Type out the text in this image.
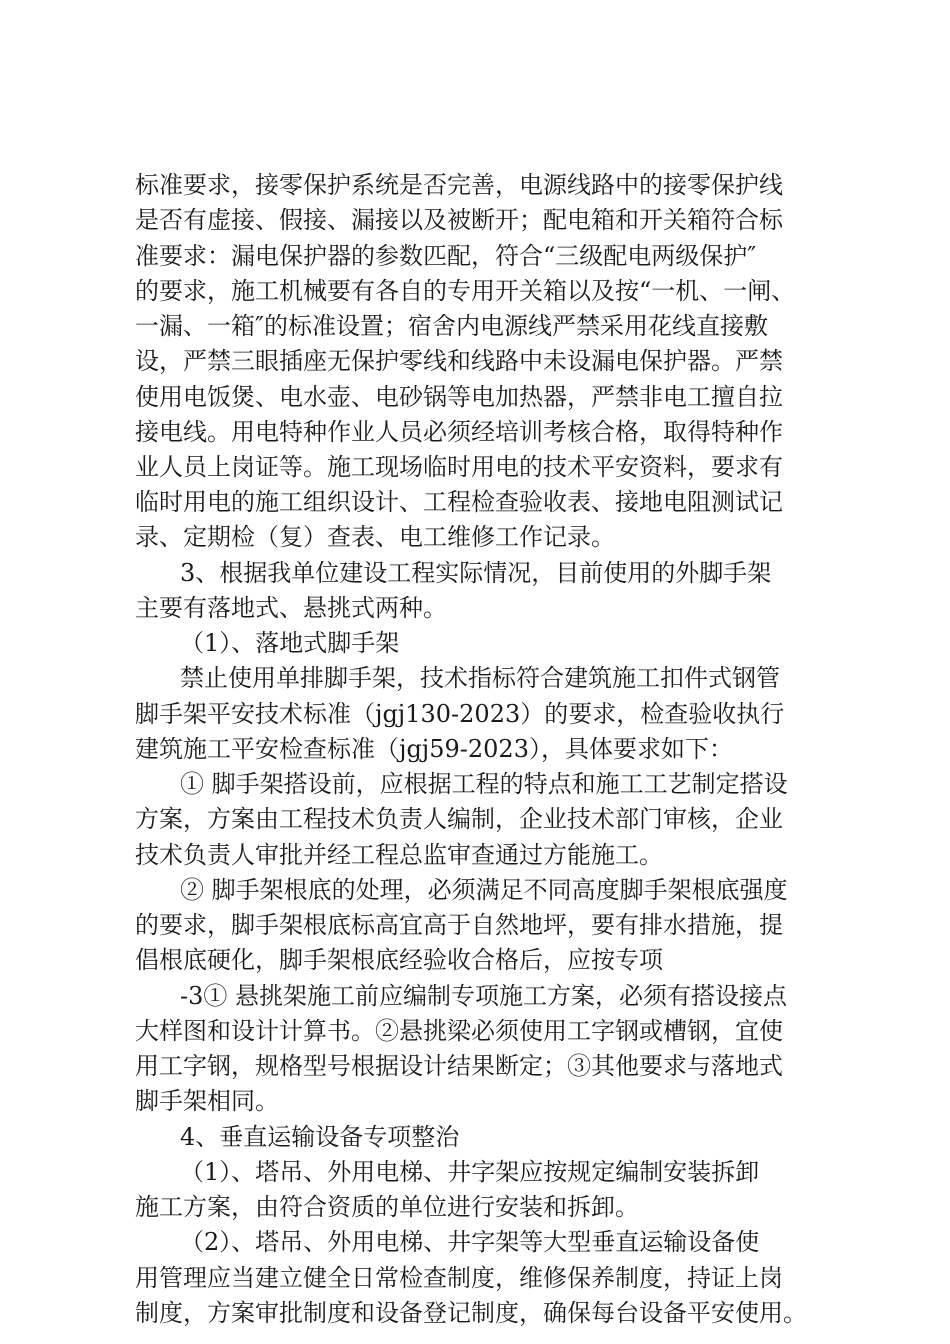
标准要求，接零保护系统是否完善，电源线路中的接零保护线

是否有虚接、假接、漏接以及被断开；配电箱和开关箱符合标

准要求：漏电保护器的参数匹配，符合“三级配电两级保护″

的要求，施工机械要有各自的专用开关箱以及按“一机、一闸、

一漏、一箱″的标准设置；宿舍内电源线严禁采用花线直接敷

设，严禁三眼插座无保护零线和线路中未设漏电保护器。严禁

使用电饭煲、电水壶、电砂锅等电加热器，严禁非电工擅自拉

接电线。用电特种作业人员必须经培训考核合格，取得特种作

业人员上岗证等。施工现场临时用电的技术平安资料，要求有

临时用电的施工组织设计、工程检查验收表、接地电阻测试记

录、定期检（复）查表、电工维修工作记录。

3、根据我单位建设工程实际情况，目前使用的外脚手架

主要有落地式、悬挑式两种。

（1）、落地式脚手架

禁止使用单排脚手架，技术指标符合建筑施工扣件式钢管

脚手架平安技术标准（jgj130-2023）的要求，检查验收执行

建筑施工平安检查标准（jgj59-2023），具体要求如下：

① 脚手架搭设前，应根据工程的特点和施工工艺制定搭设

方案，方案由工程技术负责人编制，企业技术部门审核，企业

技术负责人审批并经工程总监审查通过方能施工。

② 脚手架根底的处理，必须满足不同高度脚手架根底强度

的要求，脚手架根底标高宜高于自然地坪，要有排水措施，提

倡根底硬化，脚手架根底经验收合格后，应按专项

-3① 悬挑架施工前应编制专项施工方案，必须有搭设接点

大样图和设计计算书。②悬挑梁必须使用工字钢或槽钢，宜使

用工字钢，规格型号根据设计结果断定；③其他要求与落地式

脚手架相同。

4、垂直运输设备专项整治

（1）、塔吊、外用电梯、井字架应按规定编制安装拆卸

施工方案，由符合资质的单位进行安装和拆卸。

（2）、塔吊、外用电梯、井字架等大型垂直运输设备使

用管理应当建立健全日常检查制度，维修保养制度，持证上岗

制度，方案审批制度和设备登记制度，确保每台设备平安使用。
